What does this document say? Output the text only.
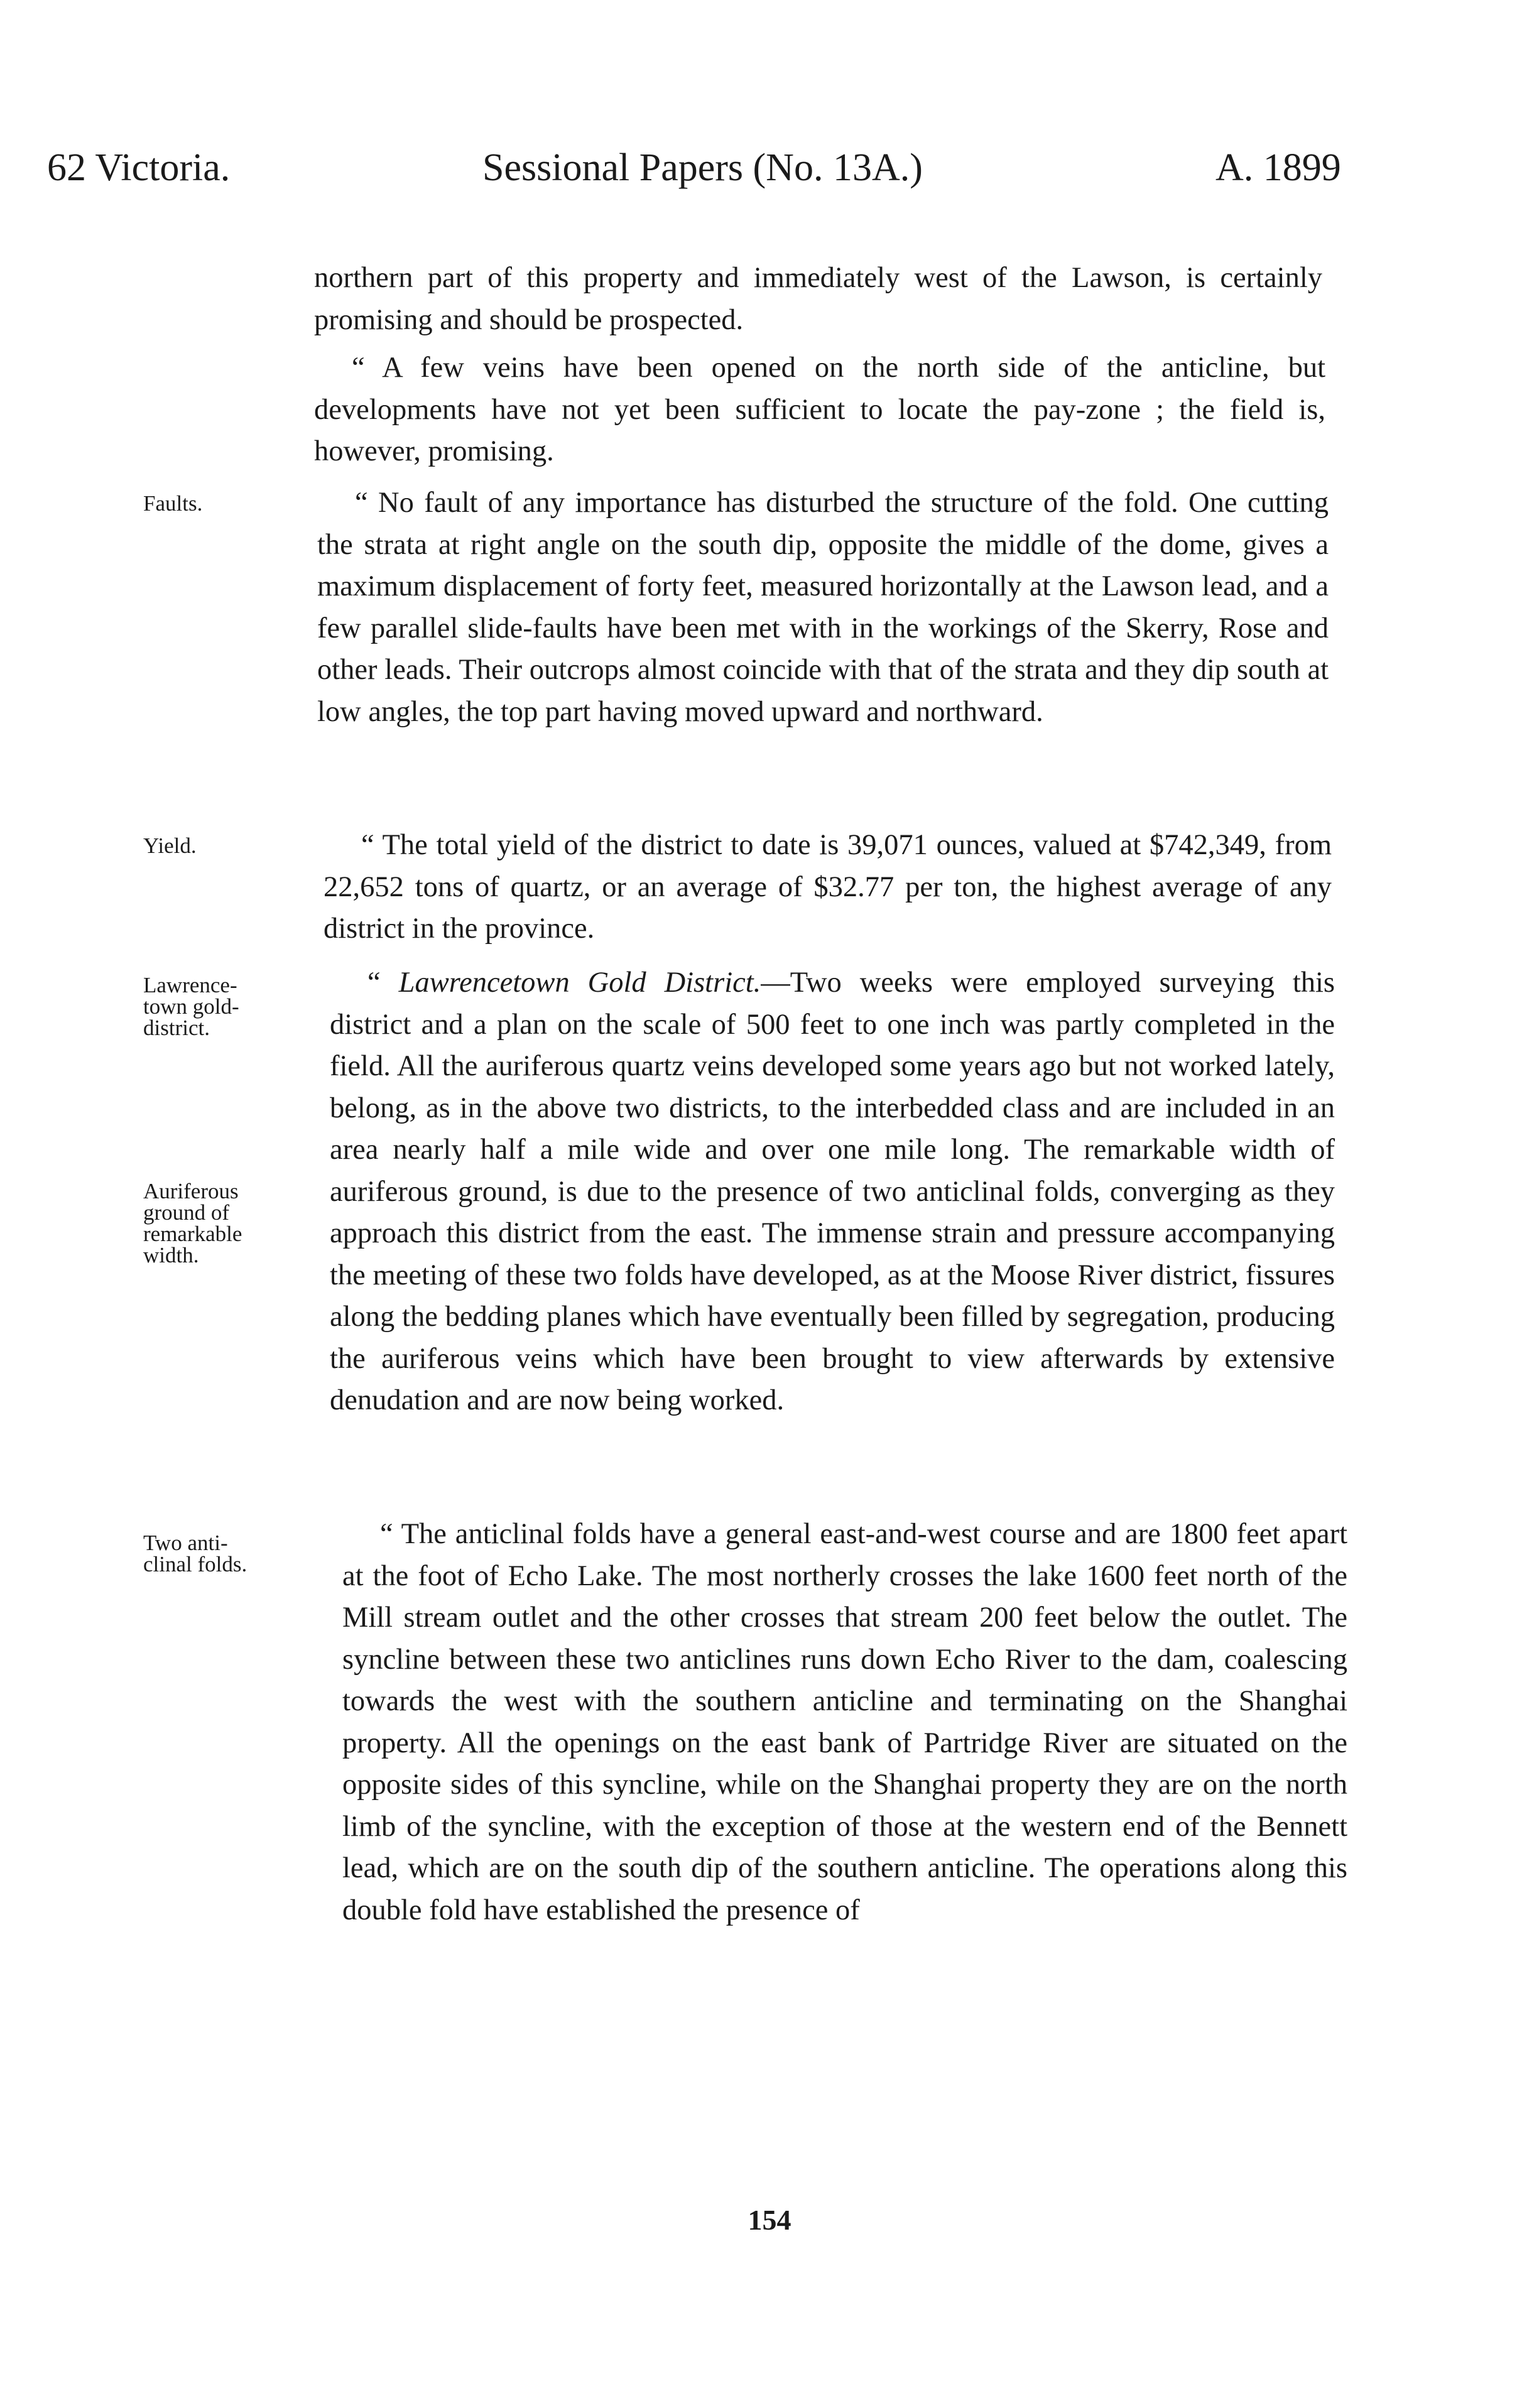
62 Victoria.	Sessional Papers (No. 13A.)	A. 1899
Faults.
Yield.
Lawrence-
town gold-
district.
Auriferous
ground of
remarkable
width.
Two anti-
clinal folds.

northern part of this property and immediately west of the Lawson, is certainly promising and should be prospected.

“ A few veins have been opened on the north side of the anticline, but developments have not yet been sufficient to locate the pay-zone ; the field is, however, promising.

“ No fault of any importance has disturbed the structure of the fold. One cutting the strata at right angle on the south dip, opposite the middle of the dome, gives a maximum displacement of forty feet, measured horizontally at the Lawson lead, and a few parallel slide-faults have been met with in the workings of the Skerry, Rose and other leads. Their outcrops almost coincide with that of the strata and they dip south at low angles, the top part having moved upward and northward.

“ The total yield of the district to date is 39,071 ounces, valued at $742,349, from 22,652 tons of quartz, or an average of $32.77 per ton, the highest average of any district in the province.

“ Lawrencetown Gold District.—Two weeks were employed surveying this district and a plan on the scale of 500 feet to one inch was partly completed in the field. All the auriferous quartz veins developed some years ago but not worked lately, belong, as in the above two districts, to the interbedded class and are included in an area nearly half a mile wide and over one mile long. The remarkable width of auriferous ground, is due to the presence of two anticlinal folds, converging as they approach this district from the east. The immense strain and pressure accompanying the meeting of these two folds have developed, as at the Moose River district, fissures along the bedding planes which have eventually been filled by segregation, producing the auriferous veins which have been brought to view afterwards by extensive denudation and are now being worked.

“ The anticlinal folds have a general east-and-west course and are 1800 feet apart at the foot of Echo Lake. The most northerly crosses the lake 1600 feet north of the Mill stream outlet and the other crosses that stream 200 feet below the outlet. The syncline between these two anticlines runs down Echo River to the dam, coalescing towards the west with the southern anticline and terminating on the Shanghai property. All the openings on the east bank of Partridge River are situated on the opposite sides of this syncline, while on the Shanghai property they are on the north limb of the syncline, with the exception of those at the western end of the Bennett lead, which are on the south dip of the southern anticline. The operations along this double fold have established the presence of

154
